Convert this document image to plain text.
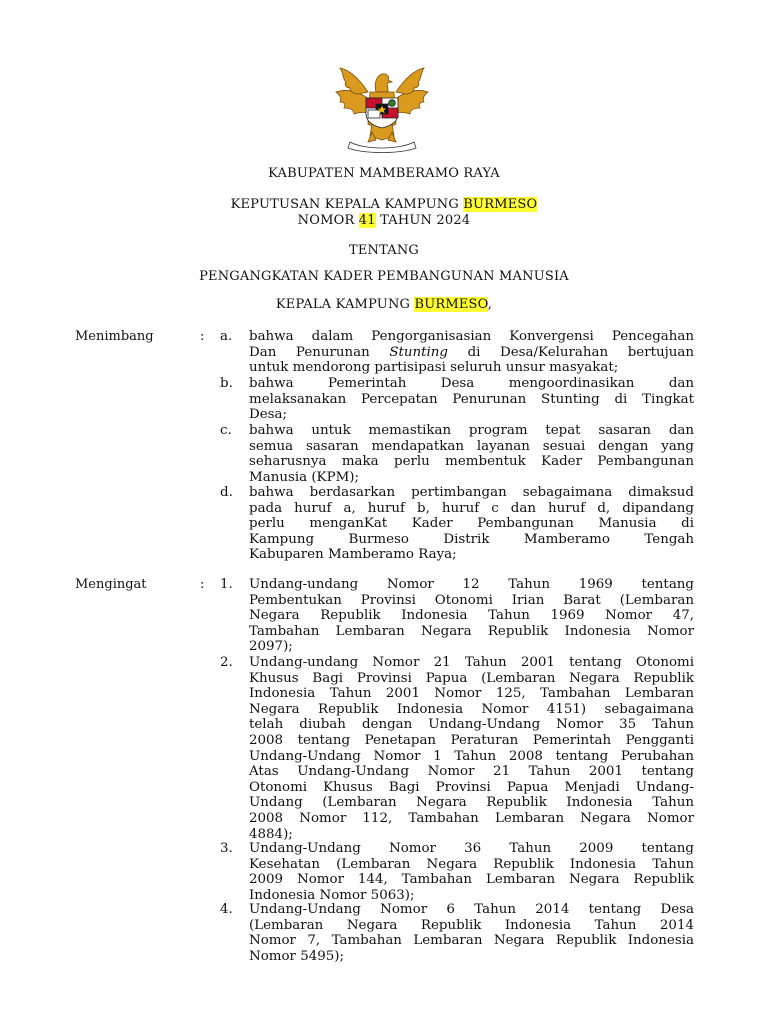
KABUPATEN MAMBERAMO RAYA
KEPUTUSAN KEPALA KAMPUNG BURMESO
NOMOR 41 TAHUN 2024
TENTANG
PENGANGKATAN KADER PEMBANGUNAN MANUSIA
KEPALA KAMPUNG BURMESO,
Menimbang	: a. bahwa dalam Pengorganisasian Konvergensi Pencegahan

Dan Penurunan Stunting di Desa/Kelurahan bertujuan

untuk mendorong partisipasi seluruh unsur masyakat;

b. bahwa Pemerintah Desa mengoordinasikan dan

melaksanakan Percepatan Penurunan Stunting di Tingkat

Desa;

c. bahwa untuk memastikan program tepat sasaran dan

semua sasaran mendapatkan layanan sesuai dengan yang

seharusnya maka perlu membentuk Kader Pembangunan

Manusia (KPM);

d. bahwa berdasarkan pertimbangan sebagaimana dimaksud

pada huruf a, huruf b, huruf c dan huruf d, dipandang

perlu menganKat Kader Pembangunan Manusia di

Kampung Burmeso Distrik Mamberamo Tengah

Kabuparen Mamberamo Raya;

Mengingat	: 1. Undang-undang Nomor 12 Tahun 1969 tentang

Pembentukan Provinsi Otonomi Irian Barat (Lembaran

Negara Republik Indonesia Tahun 1969 Nomor 47,

Tambahan Lembaran Negara Republik Indonesia Nomor

2097);

2. Undang-undang Nomor 21 Tahun 2001 tentang Otonomi

Khusus Bagi Provinsi Papua (Lembaran Negara Republik

Indonesia Tahun 2001 Nomor 125, Tambahan Lembaran

Negara Republik Indonesia Nomor 4151) sebagaimana

telah diubah dengan Undang-Undang Nomor 35 Tahun

2008 tentang Penetapan Peraturan Pemerintah Pengganti

Undang-Undang Nomor 1 Tahun 2008 tentang Perubahan

Atas Undang-Undang Nomor 21 Tahun 2001 tentang

Otonomi Khusus Bagi Provinsi Papua Menjadi Undang-

Undang (Lembaran Negara Republik Indonesia Tahun

2008 Nomor 112, Tambahan Lembaran Negara Nomor

4884);

3. Undang-Undang Nomor 36 Tahun 2009 tentang

Kesehatan (Lembaran Negara Republik Indonesia Tahun

2009 Nomor 144, Tambahan Lembaran Negara Republik

Indonesia Nomor 5063);

4. Undang-Undang Nomor 6 Tahun 2014 tentang Desa

(Lembaran Negara Republik Indonesia Tahun 2014

Nomor 7, Tambahan Lembaran Negara Republik Indonesia

Nomor 5495);
